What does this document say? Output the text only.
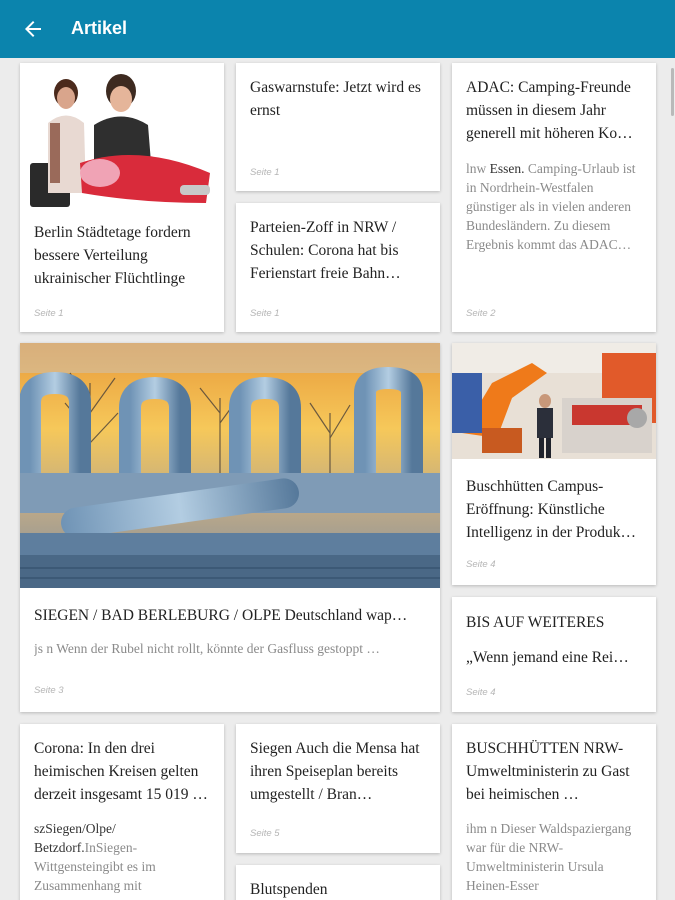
Artikel
Berlin Städtetage fordern bessere Verteilung ukrainischer Flüchtlinge
Seite 1
Gaswarnstufe: Jetzt wird es ernst
Seite 1
ADAC: Camping-Freunde müssen in diesem Jahr generell mit höheren Ko…
lnw Essen. Camping-Urlaub ist in Nordrhein-Westfalen günstiger als in vielen anderen Bundesländern. Zu diesem Ergebnis kommt das ADAC…
Seite 2
Parteien-Zoff in NRW / Schulen: Corona hat bis Ferienstart freie Bahn…
Seite 1
SIEGEN / BAD BERLEBURG / OLPE Deutschland wap…
js n Wenn der Rubel nicht rollt, könnte der Gasfluss gestoppt …
Seite 3
Buschhütten Campus-Eröffnung: Künstliche Intelligenz in der Produk…
Seite 4
BIS AUF WEITERES
„Wenn jemand eine Rei…
Seite 4
Corona: In den drei heimischen Kreisen gelten derzeit insgesamt 15 019 …
szSiegen/Olpe/ Betzdorf.InSiegen-Wittgensteingibt es im Zusammenhang mit
Siegen Auch die Mensa hat ihren Speiseplan bereits umgestellt / Bran…
Seite 5
BUSCHHÜTTEN NRW-Umweltministerin zu Gast bei heimischen …
ihm n Dieser Waldspaziergang war für die NRW-Umweltministerin Ursula Heinen-Esser
Blutspenden
